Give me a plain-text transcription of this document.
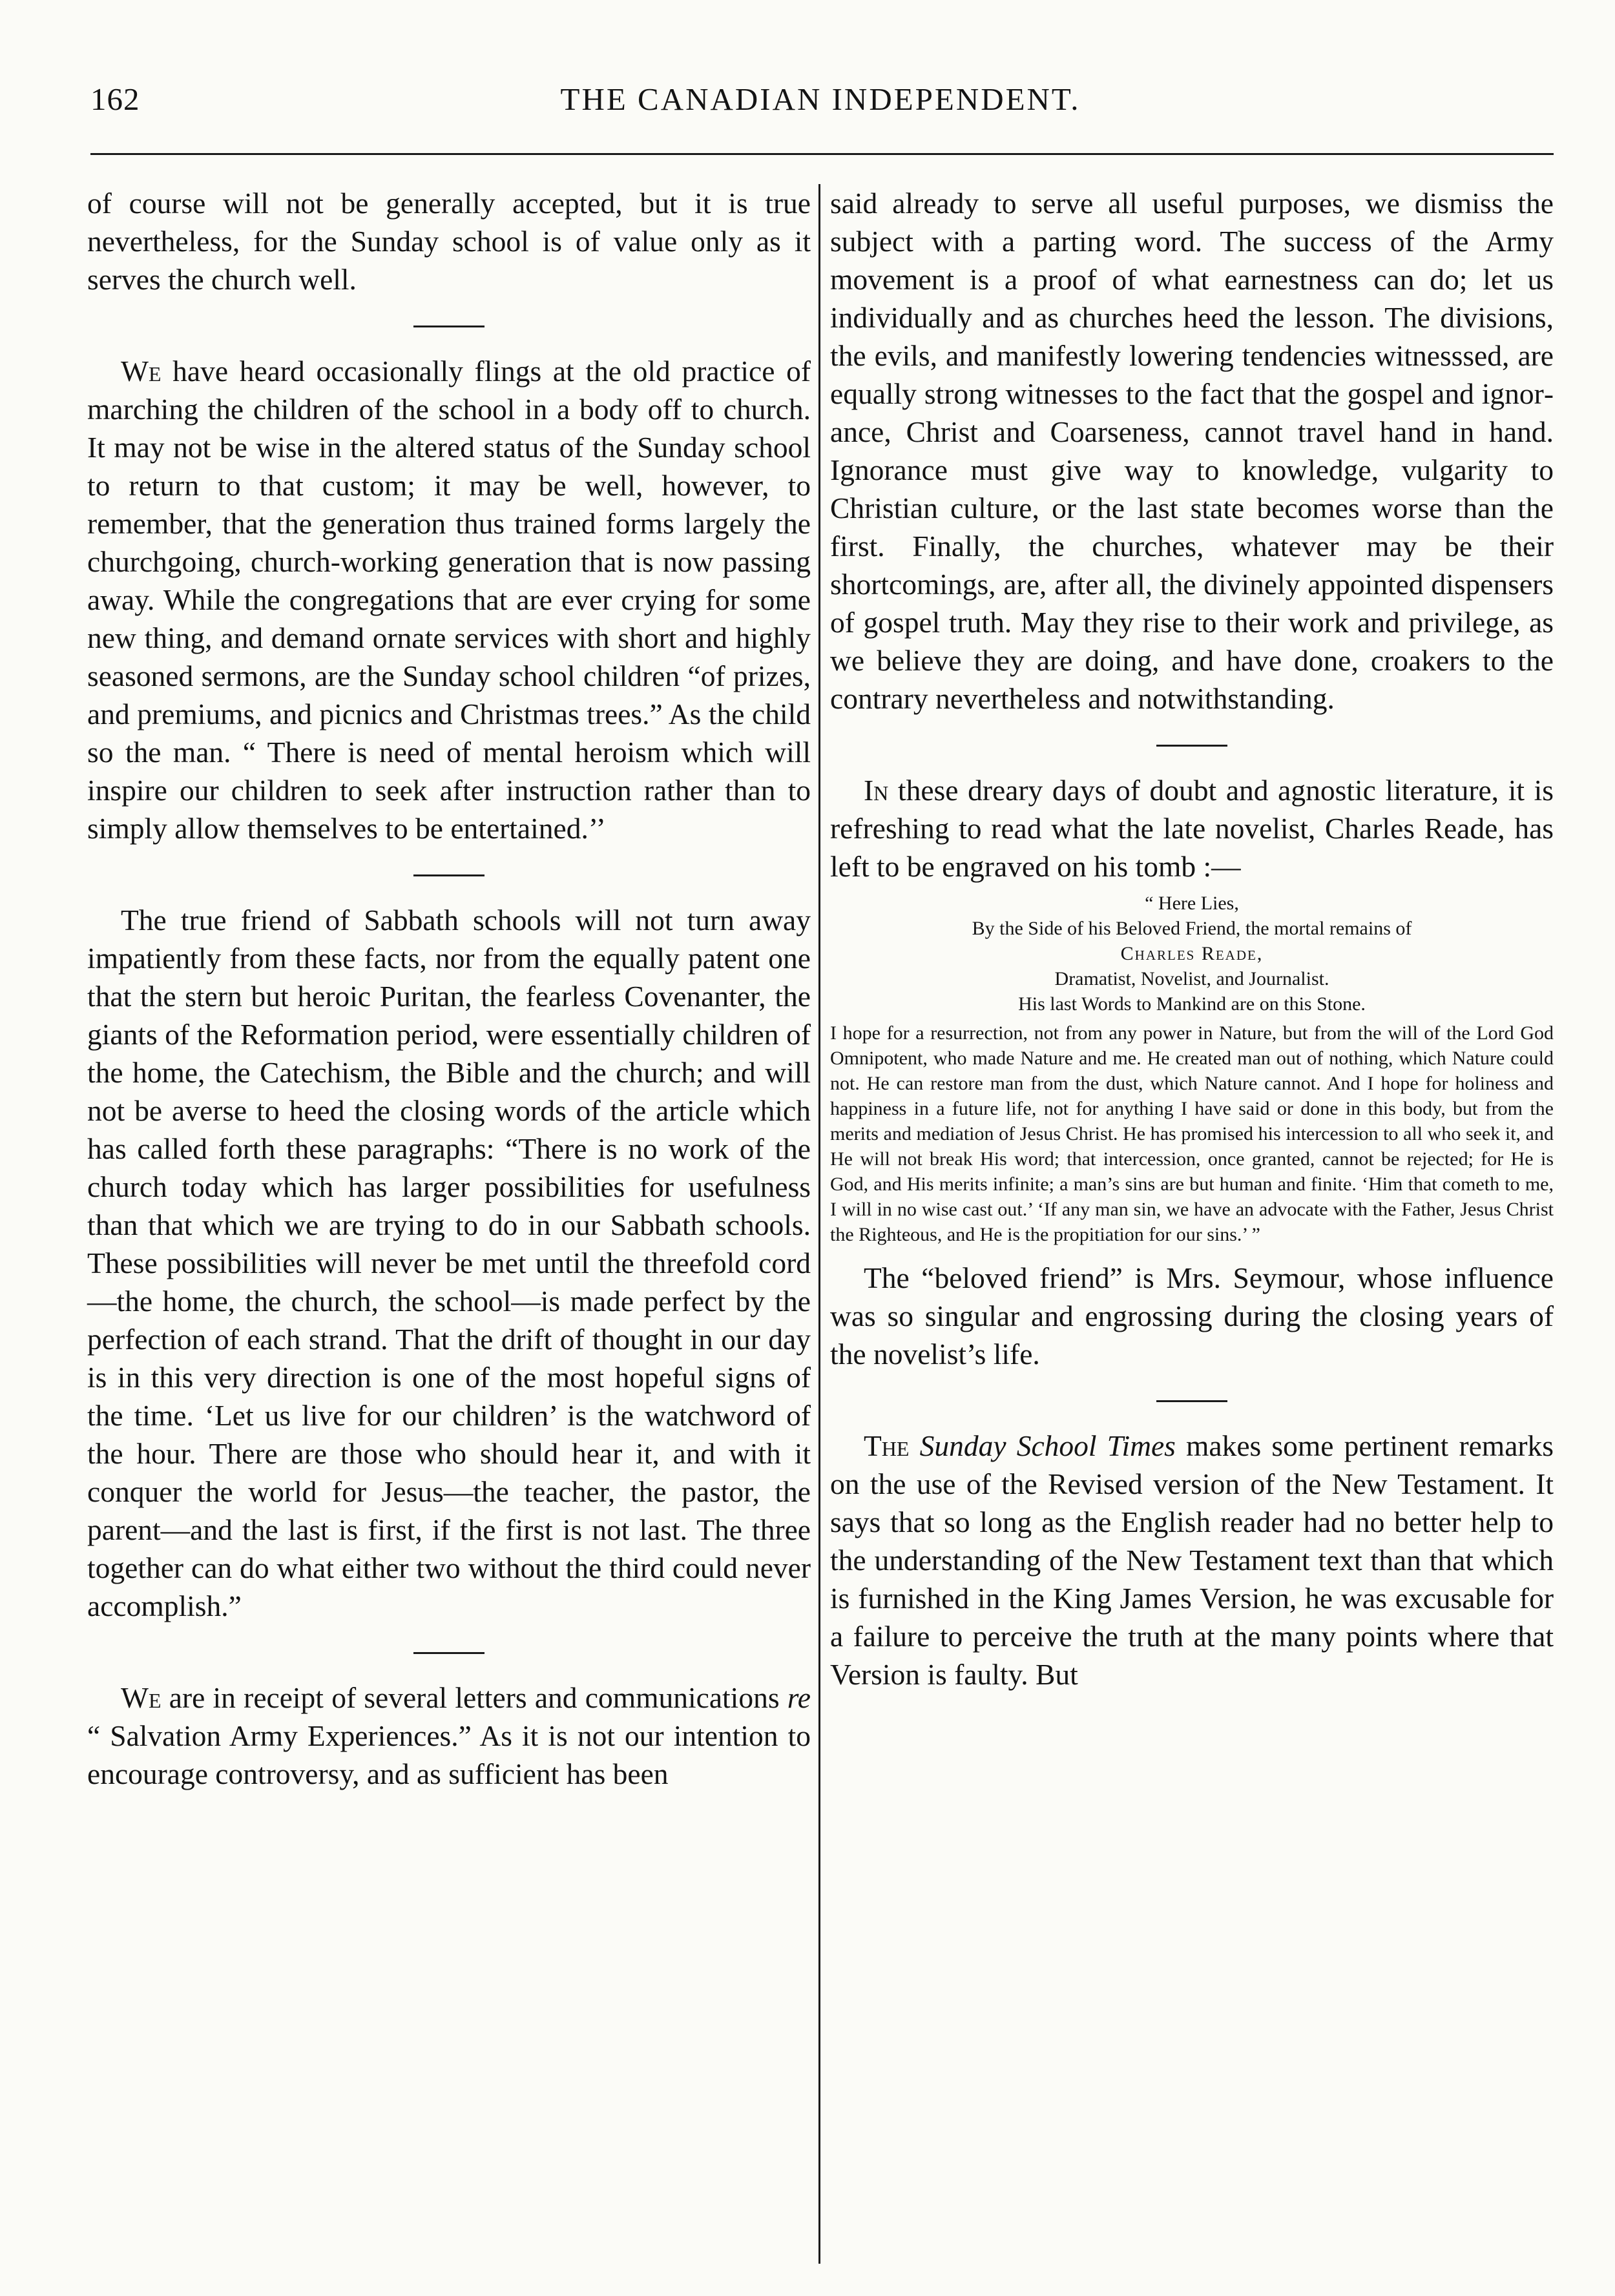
162	THE CANADIAN INDEPENDENT.

of course will not be generally accepted, but it is true nevertheless, for the Sunday school is of value only as it serves the church well.

We have heard occasionally flings at the old practice of marching the children of the school in a body off to church. It may not be wise in the altered status of the Sunday school to return to that custom; it may be well, however, to remember, that the generation thus trained forms largely the churchgoing, church-working generation that is now passing away. While the congregations that are ever crying for some new thing, and demand ornate services with short and highly seasoned sermons, are the Sunday school children “of prizes, and premiums, and picnics and Christmas trees.” As the child so the man. “ There is need of mental heroism which will inspire our children to seek after instruction rather than to simply allow themselves to be entertained.’’

The true friend of Sabbath schools will not turn away impatiently from these facts, nor from the equally patent one that the stern but heroic Puritan, the fearless Covenanter, the giants of the Reformation period, were essentially children of the home, the Catechism, the Bible and the church; and will not be averse to heed the closing words of the article which has called forth these paragraphs: “There is no work of the church today which has larger possibilities for usefulness than that which we are trying to do in our Sabbath schools. These possibilities will never be met until the threefold cord—the home, the church, the school—is made perfect by the perfection of each strand. That the drift of thought in our day is in this very direction is one of the most hopeful signs of the time. ‘Let us live for our children’ is the watchword of the hour. There are those who should hear it, and with it conquer the world for Jesus—the teacher, the pastor, the parent—and the last is first, if the first is not last. The three together can do what either two without the third could never accomplish.”

We are in receipt of several letters and communications re “ Salvation Army Experiences.” As it is not our intention to encourage controversy, and as sufficient has been

said already to serve all useful purposes, we dismiss the subject with a parting word. The success of the Army movement is a proof of what earnestness can do; let us individually and as churches heed the lesson. The divisions, the evils, and manifestly lowering tendencies witnesssed, are equally strong witnesses to the fact that the gospel and ignorance, Christ and Coarseness, cannot travel hand in hand. Ignorance must give way to knowledge, vulgarity to Christian culture, or the last state becomes worse than the first. Finally, the churches, whatever may be their shortcomings, are, after all, the divinely appointed dispensers of gospel truth. May they rise to their work and privilege, as we believe they are doing, and have done, croakers to the contrary nevertheless and notwithstanding.

In these dreary days of doubt and agnostic literature, it is refreshing to read what the late novelist, Charles Reade, has left to be engraved on his tomb :—

“ Here Lies,
By the Side of his Beloved Friend, the mortal remains of
Charles Reade,
Dramatist, Novelist, and Journalist.
His last Words to Mankind are on this Stone.
I hope for a resurrection, not from any power in Nature, but from the will of the Lord God Omnipotent, who made Nature and me. He created man out of nothing, which Nature could not. He can restore man from the dust, which Nature cannot. And I hope for holiness and happiness in a future life, not for anything I have said or done in this body, but from the merits and mediation of Jesus Christ. He has promised his intercession to all who seek it, and He will not break His word; that intercession, once granted, cannot be rejected; for He is God, and His merits infinite; a man’s sins are but human and finite. ‘Him that cometh to me, I will in no wise cast out.’ ‘If any man sin, we have an advocate with the Father, Jesus Christ the Righteous, and He is the propitiation for our sins.’ ”

The “beloved friend” is Mrs. Seymour, whose influence was so singular and engrossing during the closing years of the novelist’s life.

The Sunday School Times makes some pertinent remarks on the use of the Revised version of the New Testament. It says that so long as the English reader had no better help to the understanding of the New Testament text than that which is furnished in the King James Version, he was excusable for a failure to perceive the truth at the many points where that Version is faulty. But
